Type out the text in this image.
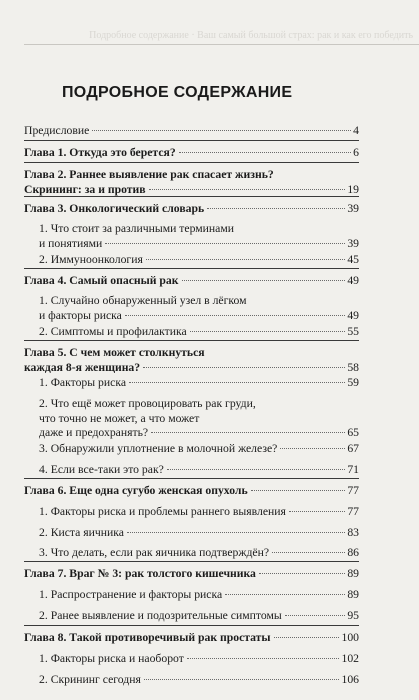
Подробное содержание · Ваш самый большой страх: рак и как его победить
ПОДРОБНОЕ СОДЕРЖАНИЕ
Предисловие	4
Глава 1. Откуда это берется?	6
Глава 2. Раннее выявление рак спасает жизнь?
Скрининг: за и против	19
Глава 3. Онкологический словарь	39
1. Что стоит за различными терминами
и понятиями	39
2. Иммуноонкология	45
Глава 4. Самый опасный рак	49
1. Случайно обнаруженный узел в лёгком
и факторы риска	49
2. Симптомы и профилактика	55
Глава 5. С чем может столкнуться
каждая 8-я женщина?	58
1. Факторы риска	59
2. Что ещё может провоцировать рак груди,
что точно не может, а что может
даже и предохранять?	65
3. Обнаружили уплотнение в молочной железе?	67
4. Если все-таки это рак?	71
Глава 6. Еще одна сугубо женская опухоль	77
1. Факторы риска и проблемы раннего выявления	77
2. Киста яичника	83
3. Что делать, если рак яичника подтверждён?	86
Глава 7. Враг № 3: рак толстого кишечника	89
1. Распространение и факторы риска	89
2. Ранее выявление и подозрительные симптомы	95
Глава 8. Такой противоречивый рак простаты	100
1. Факторы риска и наоборот	102
2. Скрининг сегодня	106
